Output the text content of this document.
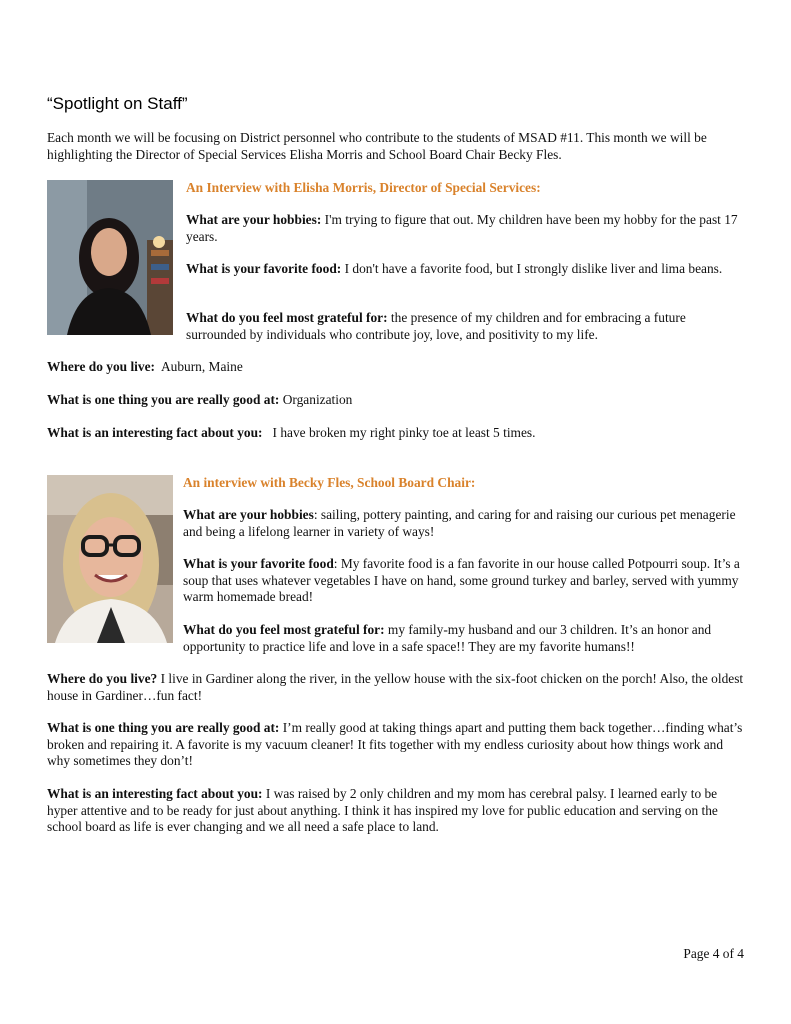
“Spotlight on Staff”

Each month we will be focusing on District personnel who contribute to the students of MSAD #11. This month we will be highlighting the Director of Special Services Elisha Morris and School Board Chair Becky Fles.

An Interview with Elisha Morris, Director of Special Services:

What are your hobbies: I'm trying to figure that out. My children have been my hobby for the past 17 years.

What is your favorite food: I don't have a favorite food, but I strongly dislike liver and lima beans.

What do you feel most grateful for: the presence of my children and for embracing a future surrounded by individuals who contribute joy, love, and positivity to my life.

Where do you live:  Auburn, Maine

What is one thing you are really good at: Organization

What is an interesting fact about you:   I have broken my right pinky toe at least 5 times.

An interview with Becky Fles, School Board Chair:

What are your hobbies: sailing, pottery painting, and caring for and raising our curious pet menagerie and being a lifelong learner in variety of ways!

What is your favorite food: My favorite food is a fan favorite in our house called Potpourri soup. It’s a soup that uses whatever vegetables I have on hand, some ground turkey and barley, served with yummy warm homemade bread!

What do you feel most grateful for: my family-my husband and our 3 children. It’s an honor and opportunity to practice life and love in a safe space!! They are my favorite humans!!

Where do you live? I live in Gardiner along the river, in the yellow house with the six-foot chicken on the porch! Also, the oldest house in Gardiner…fun fact!

What is one thing you are really good at: I’m really good at taking things apart and putting them back together…finding what’s broken and repairing it. A favorite is my vacuum cleaner! It fits together with my endless curiosity about how things work and why sometimes they don’t!

What is an interesting fact about you: I was raised by 2 only children and my mom has cerebral palsy. I learned early to be hyper attentive and to be ready for just about anything. I think it has inspired my love for public education and serving on the school board as life is ever changing and we all need a safe place to land.

Page 4 of 4
